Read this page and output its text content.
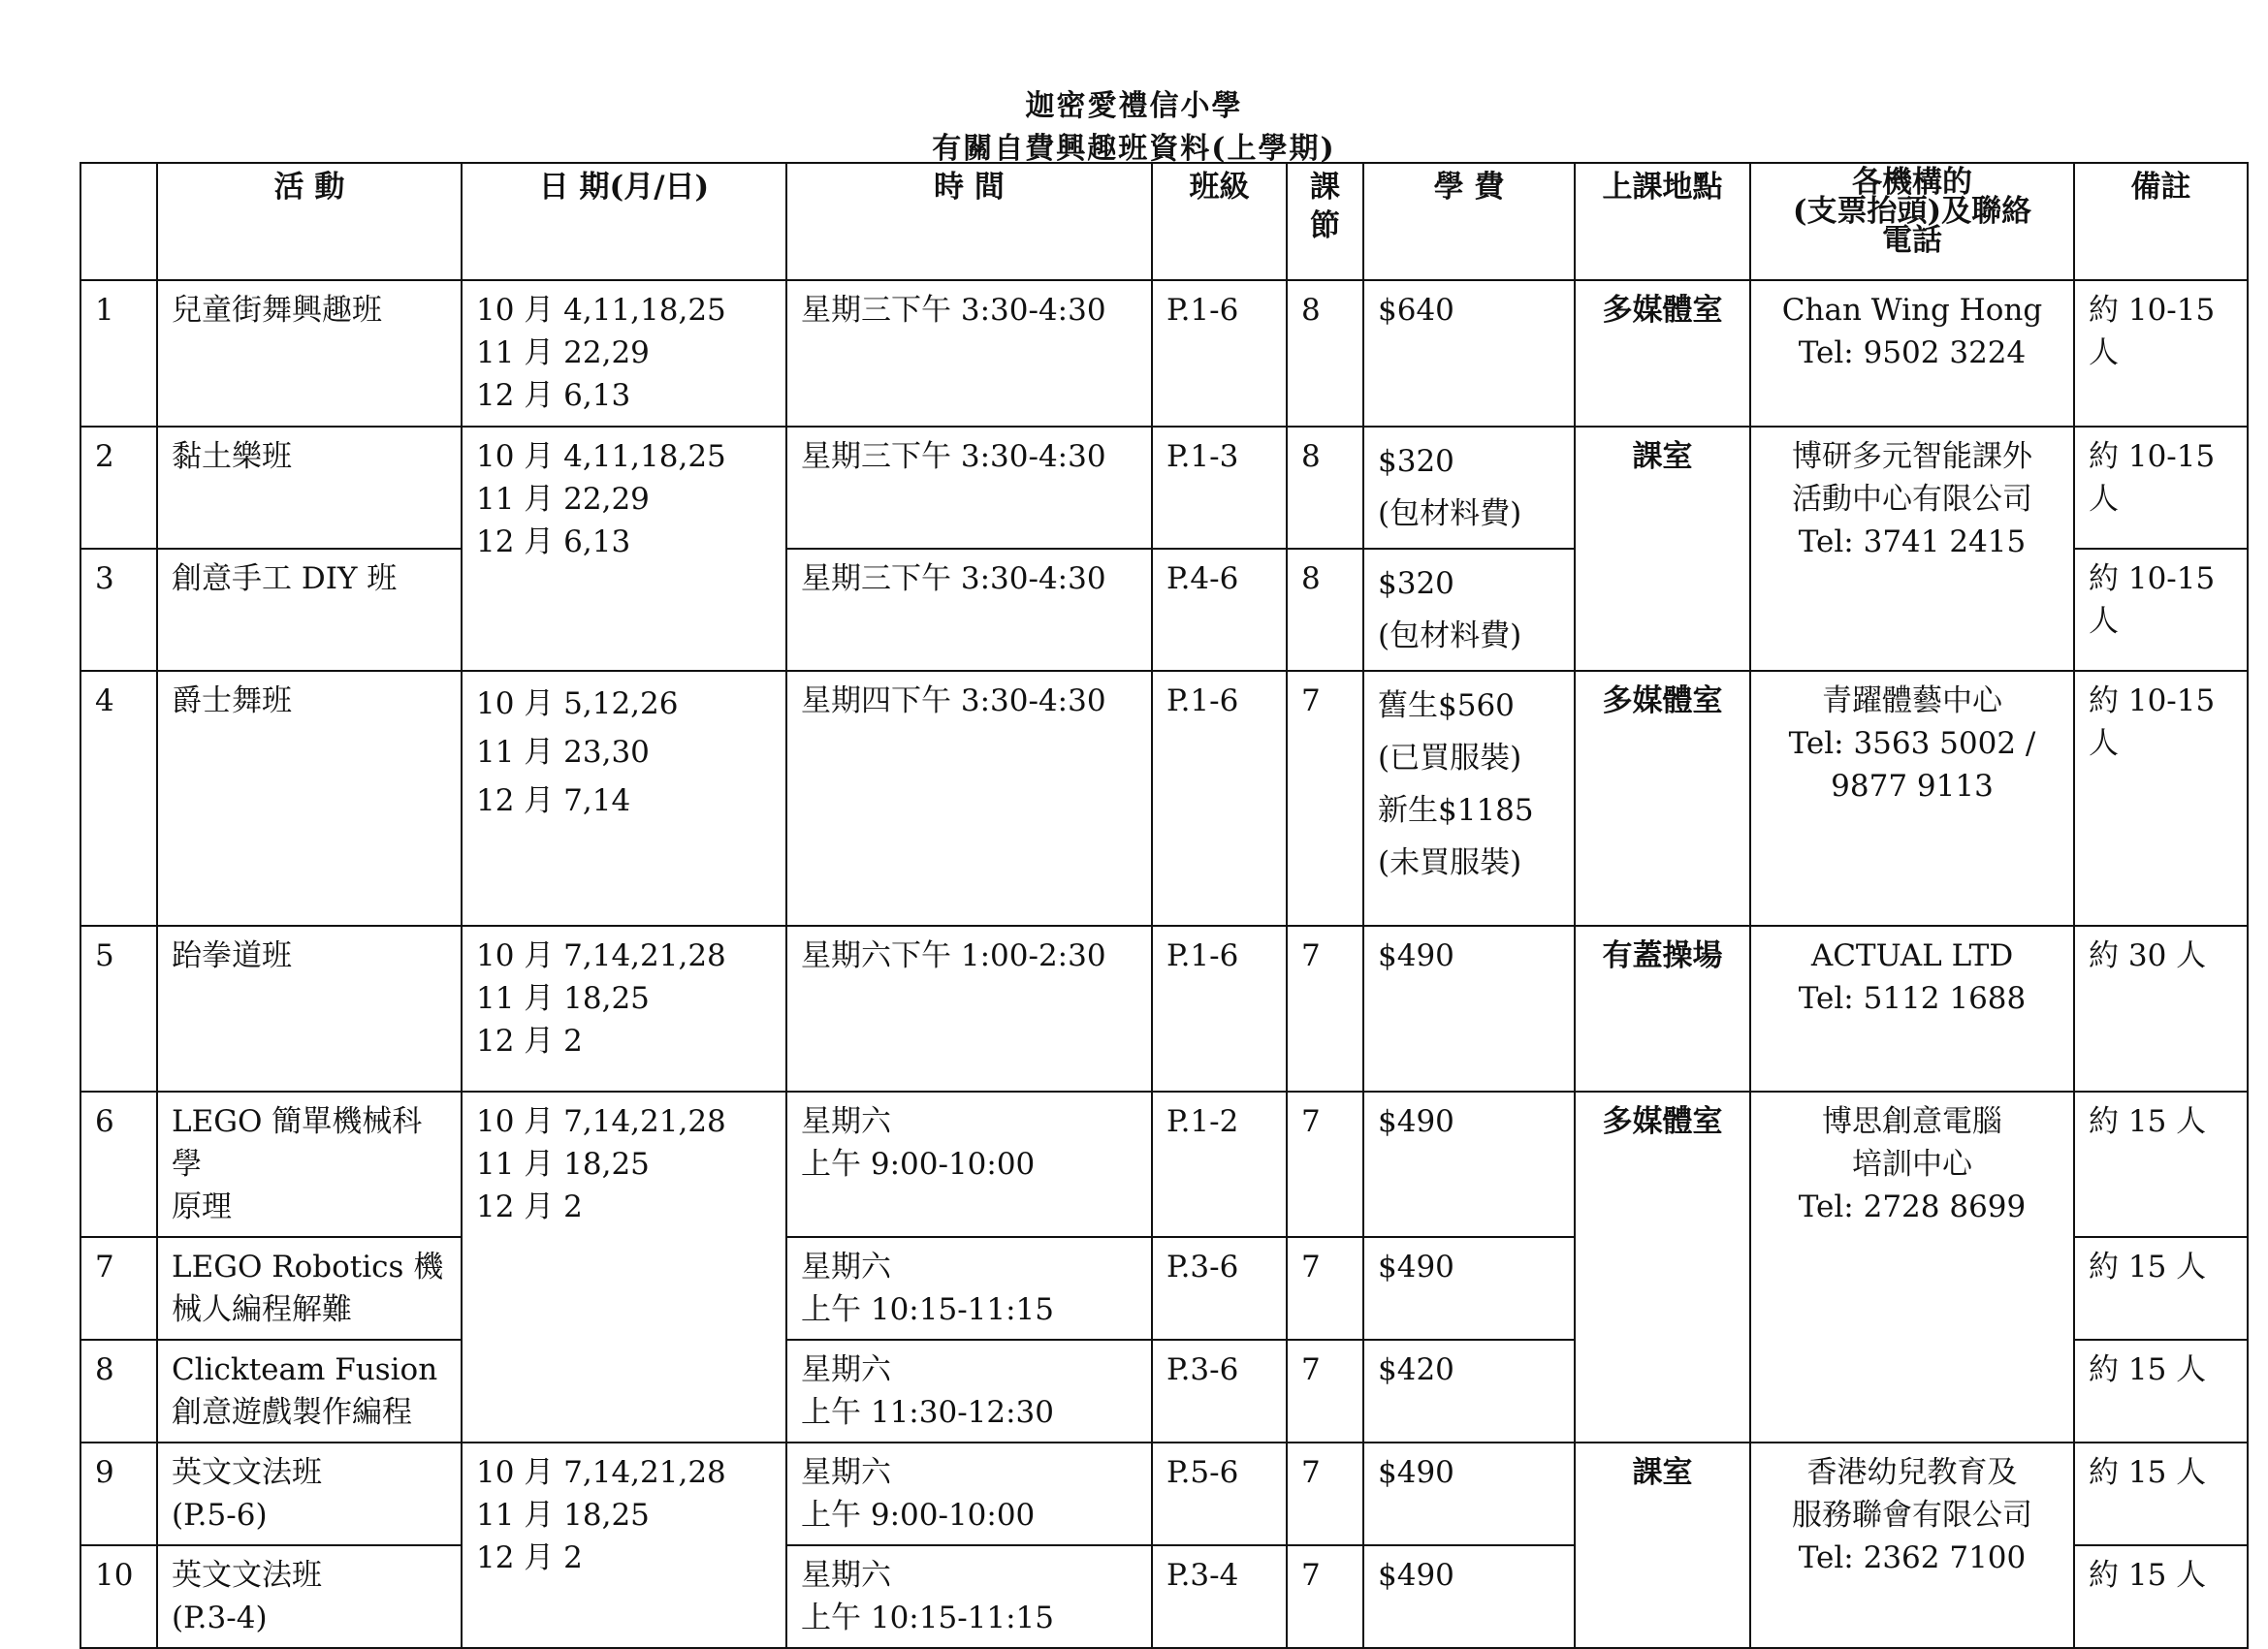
迦密愛禮信小學
有關自費興趣班資料(上學期)
	活 動	日 期(月/日)	時 間	班級	課
節	學 費	上課地點	各機構的
(支票抬頭)及聯絡
電話	備註
1	兒童街舞興趣班	10 月 4,11,18,25
11 月 22,29
12 月 6,13	星期三下午 3:30-4:30	P.1-6	8	$640	多媒體室	Chan Wing Hong
Tel: 9502 3224	約 10-15
人
2	黏土樂班	10 月 4,11,18,25
11 月 22,29
12 月 6,13	星期三下午 3:30-4:30	P.1-3	8	$320
(包材料費)	課室	博研多元智能課外
活動中心有限公司
Tel: 3741 2415	約 10-15
人
3	創意手工 DIY 班		星期三下午 3:30-4:30	P.4-6	8	$320
(包材料費)			約 10-15
人
4	爵士舞班	10 月 5,12,26
11 月 23,30
12 月 7,14	星期四下午 3:30-4:30	P.1-6	7	舊生$560
(已買服裝)
新生$1185
(未買服裝)	多媒體室	青躍體藝中心
Tel: 3563 5002 /
9877 9113	約 10-15
人
5	跆拳道班	10 月 7,14,21,28
11 月 18,25
12 月 2	星期六下午 1:00-2:30	P.1-6	7	$490	有蓋操場	ACTUAL LTD
Tel: 5112 1688	約 30 人
6	LEGO 簡單機械科學
原理	10 月 7,14,21,28
11 月 18,25
12 月 2	星期六
上午 9:00-10:00	P.1-2	7	$490	多媒體室	博思創意電腦
培訓中心
Tel: 2728 8699	約 15 人
7	LEGO Robotics 機
械人編程解難		星期六
上午 10:15-11:15	P.3-6	7	$490			約 15 人
8	Clickteam Fusion
創意遊戲製作編程		星期六
上午 11:30-12:30	P.3-6	7	$420			約 15 人
9	英文文法班
(P.5-6)	10 月 7,14,21,28
11 月 18,25
12 月 2	星期六
上午 9:00-10:00	P.5-6	7	$490	課室	香港幼兒教育及
服務聯會有限公司
Tel: 2362 7100	約 15 人
10	英文文法班
(P.3-4)		星期六
上午 10:15-11:15	P.3-4	7	$490			約 15 人
